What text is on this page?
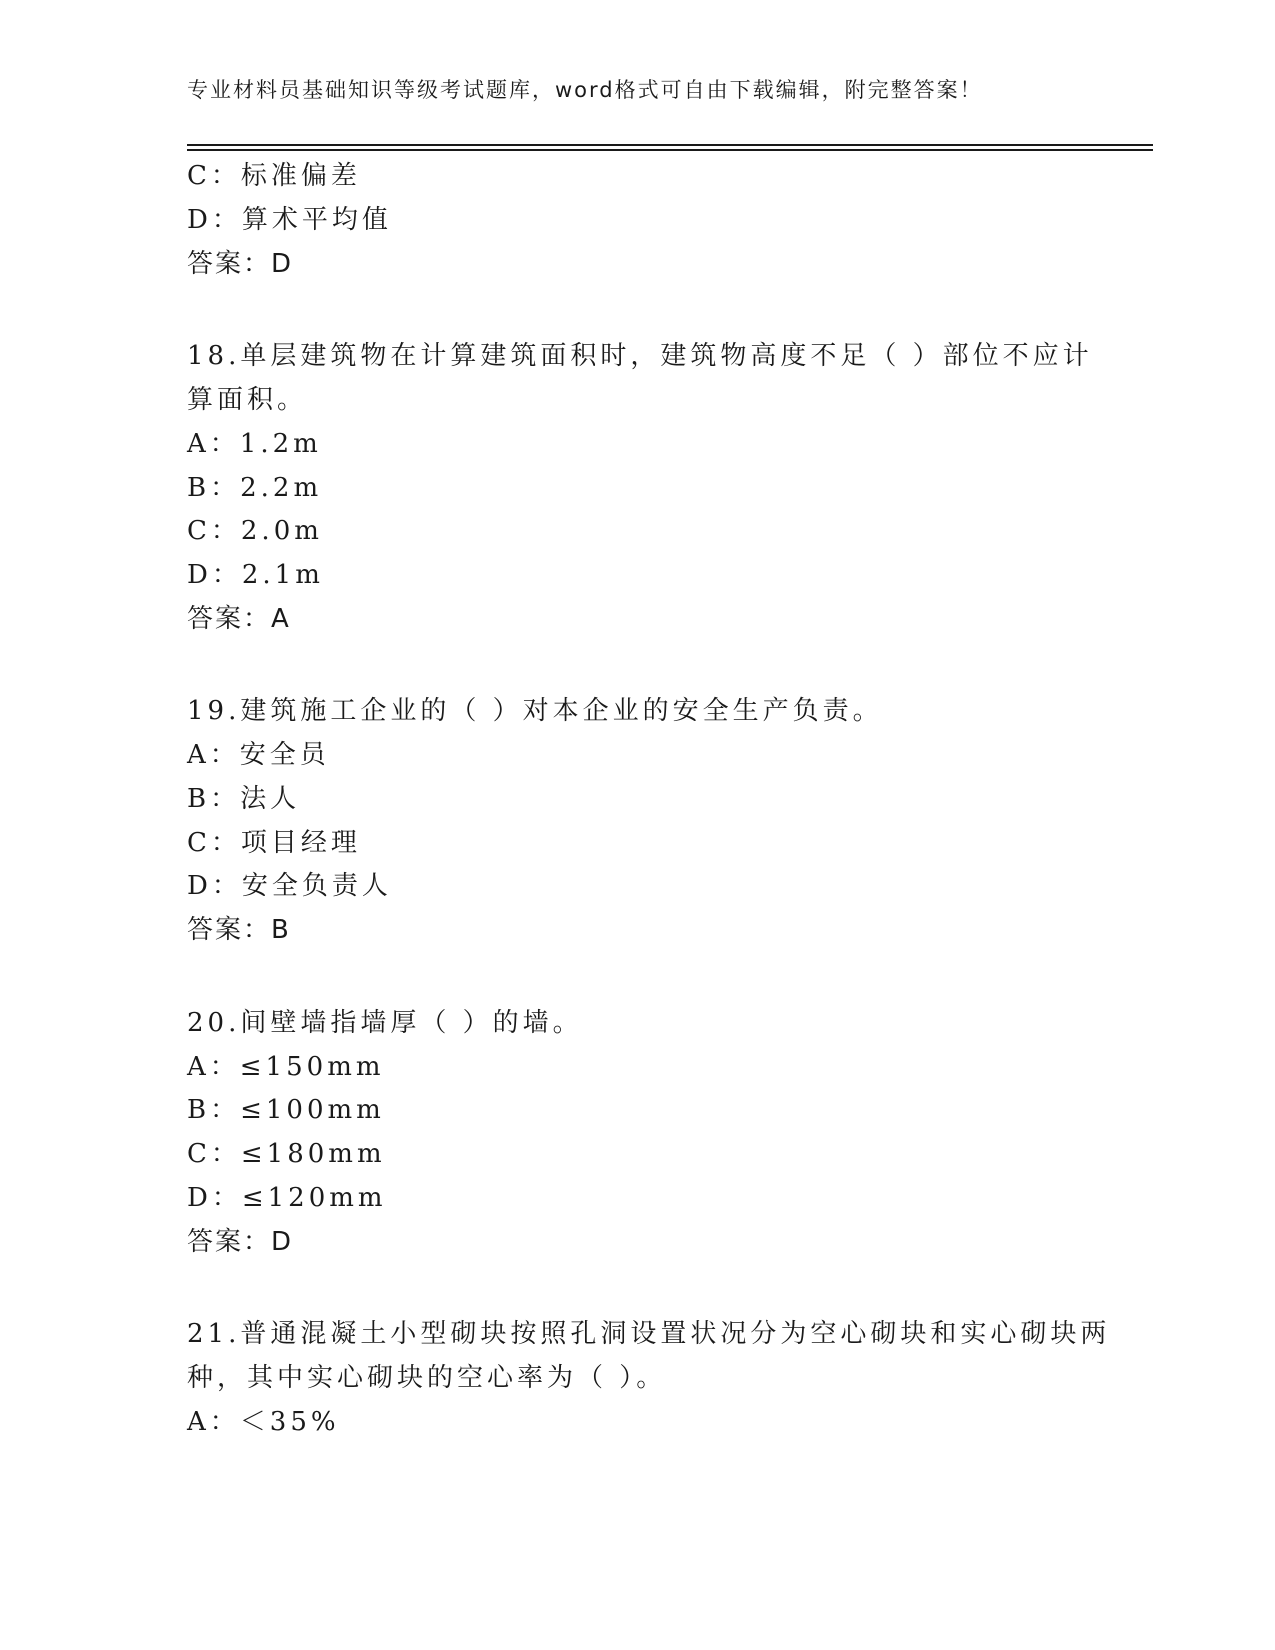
专业材料员基础知识等级考试题库，word格式可自由下载编辑，附完整答案！
C：标准偏差
D：算术平均值
答案：D
18.单层建筑物在计算建筑面积时，建筑物高度不足（ ）部位不应计
算面积。
A：1.2m
B：2.2m
C：2.0m
D：2.1m
答案：A
19.建筑施工企业的（ ）对本企业的安全生产负责。
A：安全员
B：法人
C：项目经理
D：安全负责人
答案：B
20.间壁墙指墙厚（ ）的墙。
A：≤150mm
B：≤100mm
C：≤180mm
D：≤120mm
答案：D
21.普通混凝土小型砌块按照孔洞设置状况分为空心砌块和实心砌块两
种，其中实心砌块的空心率为（ ）。
A：＜35%
